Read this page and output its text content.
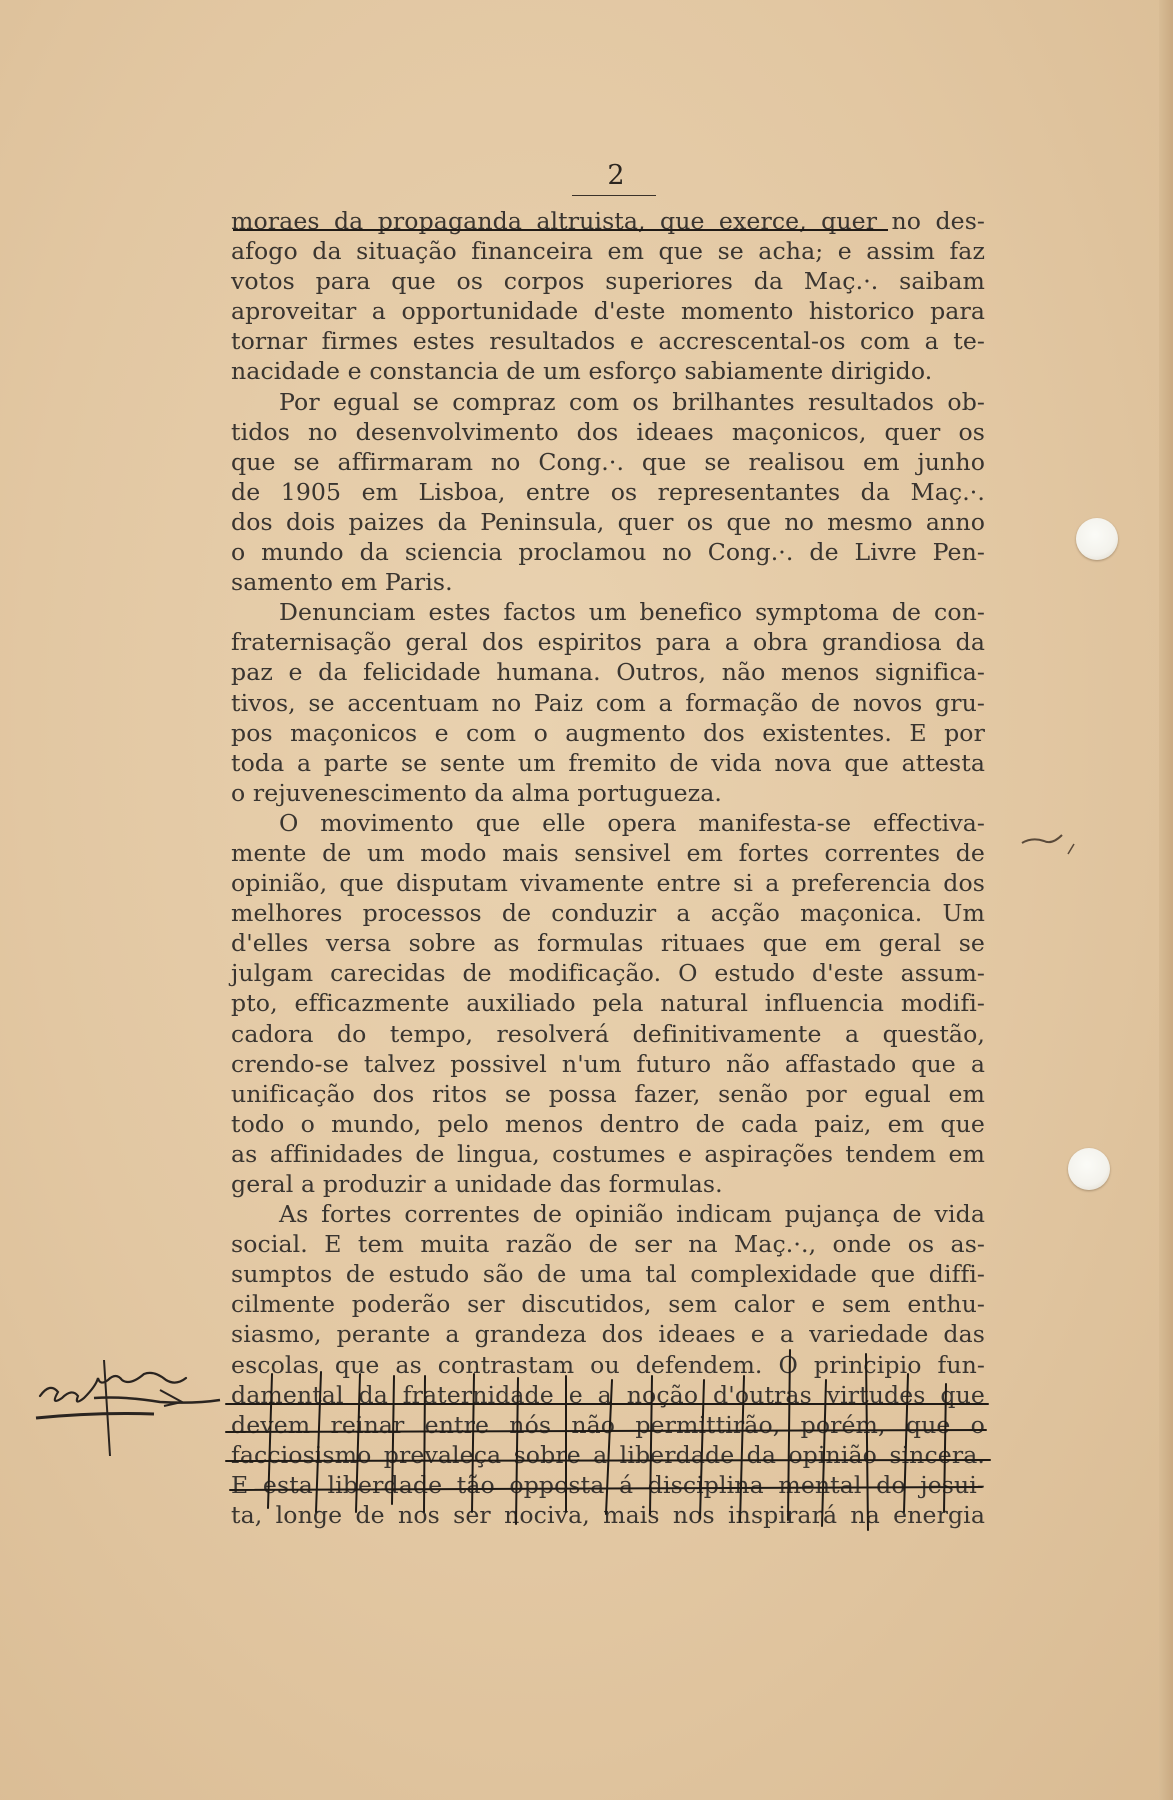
2
moraes da propaganda altruista, que exerce, quer no des-
afogo da situação financeira em que se acha; e assim faz
votos para que os corpos superiores da Maç.·. saibam
aproveitar a opportunidade d'este momento historico para
tornar firmes estes resultados e accrescental-os com a te-
nacidade e constancia de um esforço sabiamente dirigido.
Por egual se compraz com os brilhantes resultados ob-
tidos no desenvolvimento dos ideaes maçonicos, quer os
que se affirmaram no Cong.·. que se realisou em junho
de 1905 em Lisboa, entre os representantes da Maç.·.
dos dois paizes da Peninsula, quer os que no mesmo anno
o mundo da sciencia proclamou no Cong.·. de Livre Pen-
samento em Paris.
Denunciam estes factos um benefico symptoma de con-
fraternisação geral dos espiritos para a obra grandiosa da
paz e da felicidade humana. Outros, não menos significa-
tivos, se accentuam no Paiz com a formação de novos gru-
pos maçonicos e com o augmento dos existentes. E por
toda a parte se sente um fremito de vida nova que attesta
o rejuvenescimento da alma portugueza.
O movimento que elle opera manifesta-se effectiva-
mente de um modo mais sensivel em fortes correntes de
opinião, que disputam vivamente entre si a preferencia dos
melhores processos de conduzir a acção maçonica. Um
d'elles versa sobre as formulas rituaes que em geral se
julgam carecidas de modificação. O estudo d'este assum-
pto, efficazmente auxiliado pela natural influencia modifi-
cadora do tempo, resolverá definitivamente a questão,
crendo-se talvez possivel n'um futuro não affastado que a
unificação dos ritos se possa fazer, senão por egual em
todo o mundo, pelo menos dentro de cada paiz, em que
as affinidades de lingua, costumes e aspirações tendem em
geral a produzir a unidade das formulas.
As fortes correntes de opinião indicam pujança de vida
social. E tem muita razão de ser na Maç.·., onde os as-
sumptos de estudo são de uma tal complexidade que diffi-
cilmente poderão ser discutidos, sem calor e sem enthu-
siasmo, perante a grandeza dos ideaes e a variedade das
escolas que as contrastam ou defendem. O principio fun-
damental da fraternidade e a noção d'outras virtudes que
devem reinar entre nós não permittirão, porém, que o
facciosismo prevaleça sobre a liberdade da opinião sincera.
E esta liberdade tão opposta á disciplina mental do jesui-
ta, longe de nos ser nociva, mais nos inspirará na energia
